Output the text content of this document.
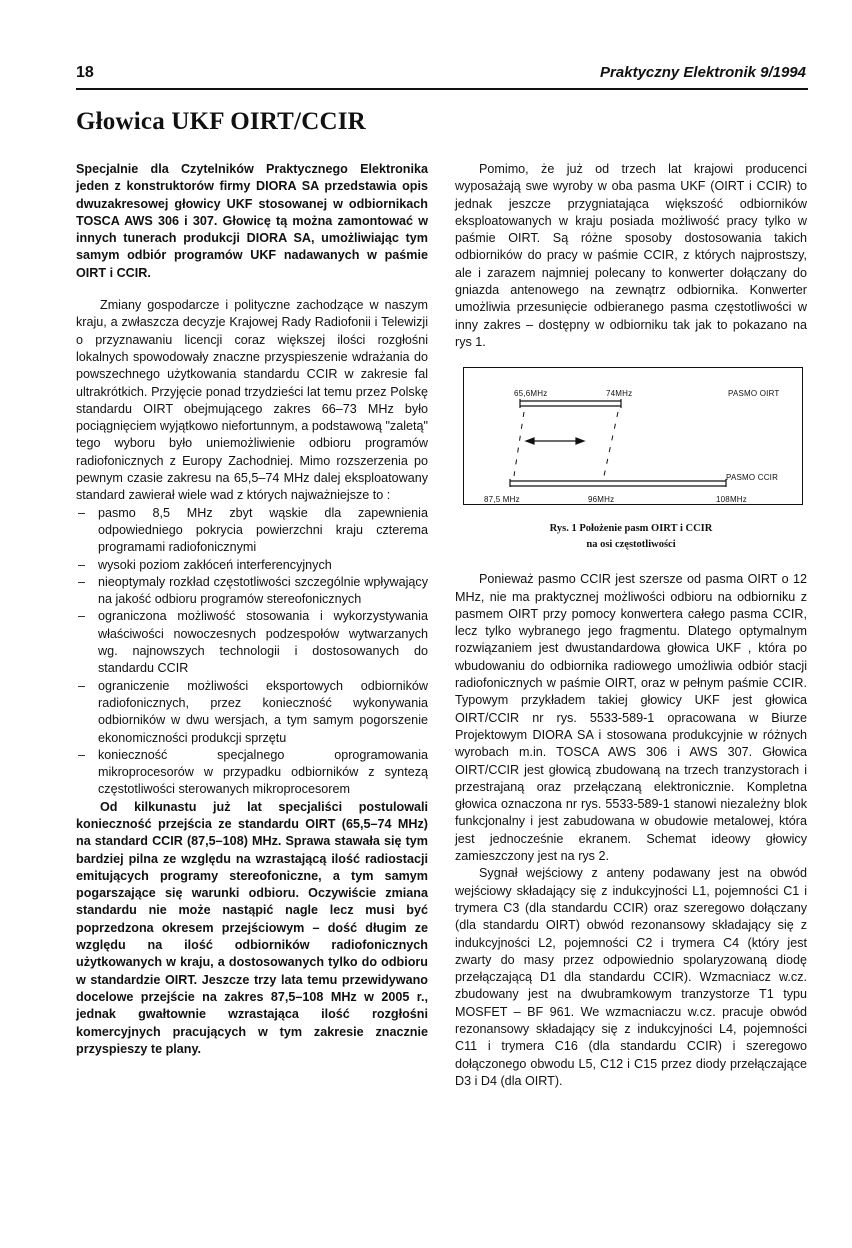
18	Praktyczny Elektronik 9/1994
Głowica UKF OIRT/CCIR

Specjalnie dla Czytelników Praktycznego Elektronika jeden z konstruktorów firmy DIORA SA przedstawia opis dwuzakresowej głowicy UKF stosowanej w odbiornikach TOSCA AWS 306 i 307. Głowicę tą można zamontować w innych tunerach produkcji DIORA SA, umożliwiając tym samym odbiór programów UKF nadawanych w paśmie OIRT i CCIR.

Zmiany gospodarcze i polityczne zachodzące w naszym kraju, a zwłaszcza decyzje Krajowej Rady Radiofonii i Telewizji o przyznawaniu licencji coraz większej ilości rozgłośni lokalnych spowodowały znaczne przyspieszenie wdrażania do powszechnego użytkowania standardu CCIR w zakresie fal ultrakrótkich. Przyjęcie ponad trzydzieści lat temu przez Polskę standardu OIRT obejmującego zakres 66–73 MHz było pociągnięciem wyjątkowo niefortunnym, a podstawową "zaletą" tego wyboru było uniemożliwienie odbioru programów radiofonicznych z Europy Zachodniej. Mimo rozszerzenia po pewnym czasie zakresu na 65,5–74 MHz dalej eksploatowany standard zawierał wiele wad z których najważniejsze to :

– pasmo 8,5 MHz zbyt wąskie dla zapewnienia odpowiedniego pokrycia powierzchni kraju czterema programami radiofonicznymi
– wysoki poziom zakłóceń interferencyjnych
– nieoptymaly rozkład częstotliwości szczególnie wpływający na jakość odbioru programów stereofonicznych
– ograniczona możliwość stosowania i wykorzystywania właściwości nowoczesnych podzespołów wytwarzanych wg. najnowszych technologii i dostosowanych do standardu CCIR
– ograniczenie możliwości eksportowych odbiorników radiofonicznych, przez konieczność wykonywania odbiorników w dwu wersjach, a tym samym pogorszenie ekonomiczności produkcji sprzętu
– konieczność specjalnego oprogramowania mikroprocesorów w przypadku odbiorników z syntezą częstotliwości sterowanych mikroprocesorem

Od kilkunastu już lat specjaliści postulowali konieczność przejścia ze standardu OIRT (65,5–74 MHz) na standard CCIR (87,5–108) MHz. Sprawa stawała się tym bardziej pilna ze względu na wzrastającą ilość radiostacji emitujących programy stereofoniczne, a tym samym pogarszające się warunki odbioru. Oczywiście zmiana standardu nie może nastąpić nagle lecz musi być poprzedzona okresem przejściowym – dość długim ze względu na ilość odbiorników radiofonicznych użytkowanych w kraju, a dostosowanych tylko do odbioru w standardzie OIRT. Jeszcze trzy lata temu przewidywano docelowe przejście na zakres 87,5–108 MHz w 2005 r., jednak gwałtownie wzrastająca ilość rozgłośni komercyjnych pracujących w tym zakresie znacznie przyspieszy te plany.

Pomimo, że już od trzech lat krajowi producenci wyposażają swe wyroby w oba pasma UKF (OIRT i CCIR) to jednak jeszcze przygniatająca większość odbiorników eksploatowanych w kraju posiada możliwość pracy tylko w paśmie OIRT. Są różne sposoby dostosowania takich odbiorników do pracy w paśmie CCIR, z których najprostszy, ale i zarazem najmniej polecany to konwerter dołączany do gniazda antenowego na zewnątrz odbiornika. Konwerter umożliwia przesunięcie odbieranego pasma częstotliwości w inny zakres – dostępny w odbiorniku tak jak to pokazano na rys 1.

65,6MHz	74MHz	PASMO OIRT
PASMO CCIR
87,5 MHz	96MHz	108MHz
Rys. 1 Położenie pasm OIRT i CCIR
na osi częstotliwości

Ponieważ pasmo CCIR jest szersze od pasma OIRT o 12 MHz, nie ma praktycznej możliwości odbioru na odbiorniku z pasmem OIRT przy pomocy konwertera całego pasma CCIR, lecz tylko wybranego jego fragmentu. Dlatego optymalnym rozwiązaniem jest dwustandardowa głowica UKF , która po wbudowaniu do odbiornika radiowego umożliwia odbiór stacji radiofonicznych w paśmie OIRT, oraz w pełnym paśmie CCIR. Typowym przykładem takiej głowicy UKF jest głowica OIRT/CCIR nr rys. 5533-589-1 opracowana w Biurze Projektowym DIORA SA i stosowana produkcyjnie w różnych wyrobach m.in. TOSCA AWS 306 i AWS 307. Głowica OIRT/CCIR jest głowicą zbudowaną na trzech tranzystorach i przestrajaną oraz przełączaną elektronicznie. Kompletna głowica oznaczona nr rys. 5533-589-1 stanowi niezależny blok funkcjonalny i jest zabudowana w obudowie metalowej, która jest jednocześnie ekranem. Schemat ideowy głowicy zamieszczony jest na rys 2.

Sygnał wejściowy z anteny podawany jest na obwód wejściowy składający się z indukcyjności L1, pojemności C1 i trymera C3 (dla standardu CCIR) oraz szeregowo dołączany (dla standardu OIRT) obwód rezonansowy składający się z indukcyjności L2, pojemności C2 i trymera C4 (który jest zwarty do masy przez odpowiednio spolaryzowaną diodę przełączającą D1 dla standardu CCIR). Wzmacniacz w.cz. zbudowany jest na dwubramkowym tranzystorze T1 typu MOSFET – BF 961. We wzmacniaczu w.cz. pracuje obwód rezonansowy składający się z indukcyjności L4, pojemności C11 i trymera C16 (dla standardu CCIR) i szeregowo dołączonego obwodu L5, C12 i C15 przez diody przełączające D3 i D4 (dla OIRT).
